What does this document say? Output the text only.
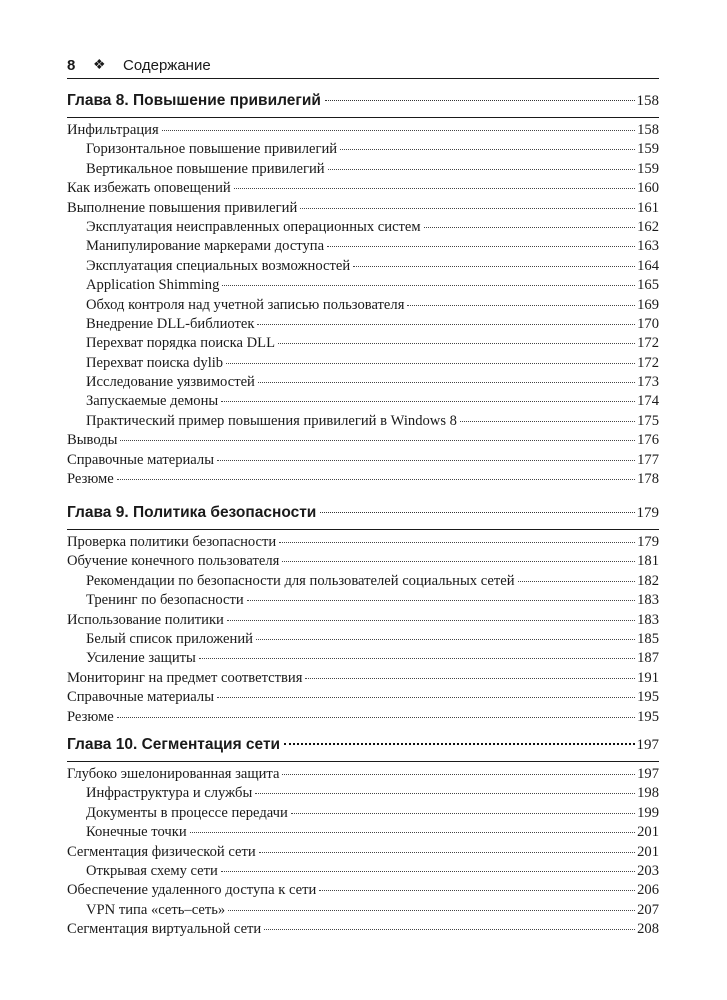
8 ❖ Содержание
Глава 8. Повышение привилегий	158
Инфильтрация	158
Горизонтальное повышение привилегий	159
Вертикальное повышение привилегий	159
Как избежать оповещений	160
Выполнение повышения привилегий	161
Эксплуатация неисправленных операционных систем	162
Манипулирование маркерами доступа	163
Эксплуатация специальных возможностей	164
Application Shimming	165
Обход контроля над учетной записью пользователя	169
Внедрение DLL-библиотек	170
Перехват порядка поиска DLL	172
Перехват поиска dylib	172
Исследование уязвимостей	173
Запускаемые демоны	174
Практический пример повышения привилегий в Windows 8	175
Выводы	176
Справочные материалы	177
Резюме	178
Глава 9. Политика безопасности	179
Проверка политики безопасности	179
Обучение конечного пользователя	181
Рекомендации по безопасности для пользователей социальных сетей	182
Тренинг по безопасности	183
Использование политики	183
Белый список приложений	185
Усиление защиты	187
Мониторинг на предмет соответствия	191
Справочные материалы	195
Резюме	195
Глава 10. Сегментация сети	197
Глубоко эшелонированная защита	197
Инфраструктура и службы	198
Документы в процессе передачи	199
Конечные точки	201
Сегментация физической сети	201
Открывая схему сети	203
Обеспечение удаленного доступа к сети	206
VPN типа «сеть–сеть»	207
Сегментация виртуальной сети	208
